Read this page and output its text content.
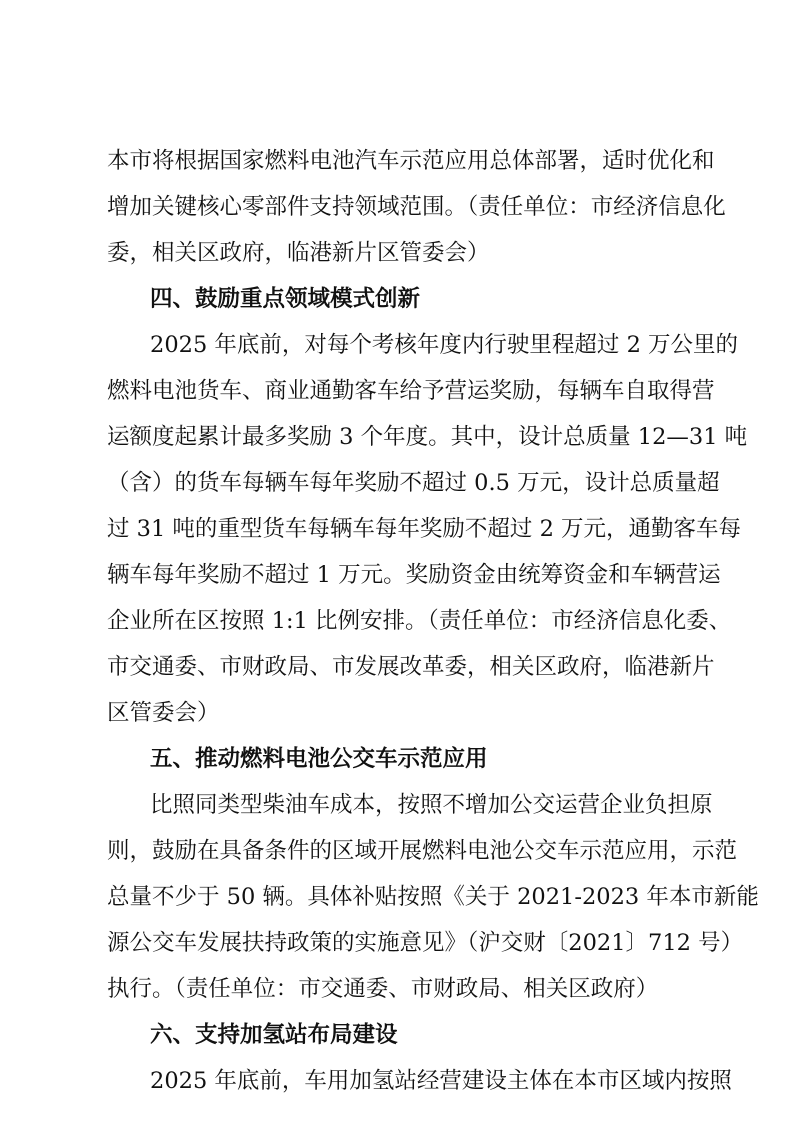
本市将根据国家燃料电池汽车示范应用总体部署，适时优化和
增加关键核心零部件支持领域范围。（责任单位：市经济信息化
委，相关区政府，临港新片区管委会）
四、鼓励重点领域模式创新
2025 年底前，对每个考核年度内行驶里程超过 2 万公里的
燃料电池货车、商业通勤客车给予营运奖励，每辆车自取得营
运额度起累计最多奖励 3 个年度。其中，设计总质量 12—31 吨
（含）的货车每辆车每年奖励不超过 0.5 万元，设计总质量超
过 31 吨的重型货车每辆车每年奖励不超过 2 万元，通勤客车每
辆车每年奖励不超过 1 万元。奖励资金由统筹资金和车辆营运
企业所在区按照 1:1 比例安排。（责任单位：市经济信息化委、
市交通委、市财政局、市发展改革委，相关区政府，临港新片
区管委会）
五、推动燃料电池公交车示范应用
比照同类型柴油车成本，按照不增加公交运营企业负担原
则，鼓励在具备条件的区域开展燃料电池公交车示范应用，示范
总量不少于 50 辆。具体补贴按照《关于 2021-2023 年本市新能
源公交车发展扶持政策的实施意见》（沪交财〔2021〕712 号）
执行。（责任单位：市交通委、市财政局、相关区政府）
六、支持加氢站布局建设
2025 年底前，车用加氢站经营建设主体在本市区域内按照
